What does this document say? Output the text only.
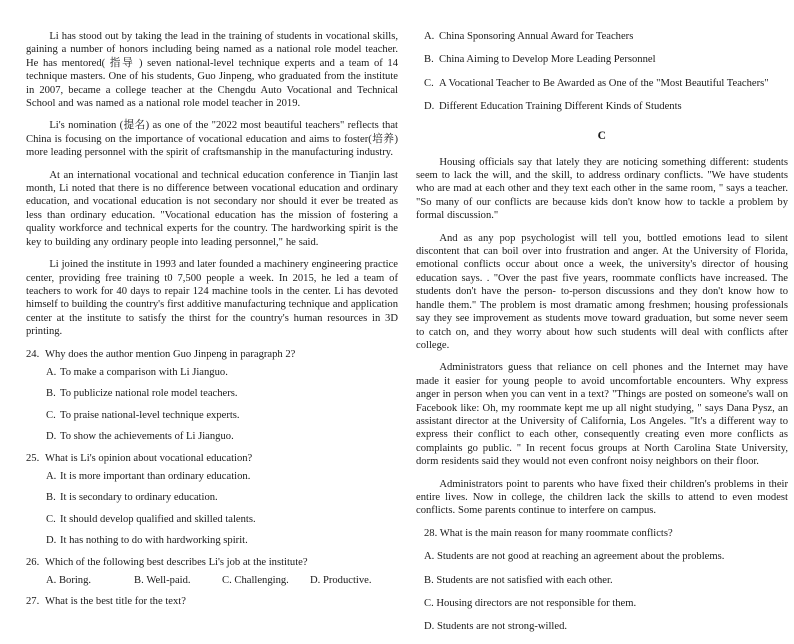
Li has stood out by taking the lead in the training of students in vocational skills, gaining a number of honors including being named as a national role model teacher. He has mentored( 指导 ) seven national-level technique experts and a team of 14 technique masters. One of his students, Guo Jinpeng, who graduated from the institute in 2007, became a college teacher at the Chengdu Auto Vocational and Technical School and was named as a national role model teacher in 2019.

Li's nomination (提名) as one of the "2022 most beautiful teachers" reflects that China is focusing on the importance of vocational education and aims to foster(培养) more leading personnel with the spirit of craftsmanship in the manufacturing industry.

At an international vocational and technical education conference in Tianjin last month, Li noted that there is no difference between vocational education and ordinary education, and vocational education is not secondary nor should it ever be treated as less than ordinary education. "Vocational education has the mission of fostering a quality workforce and technical experts for the country. The hardworking spirit is the key to building any ordinary people into leading personnel," he said.

Li joined the institute in 1993 and later founded a machinery engineering practice center, providing free training t0 7,500 people a week. In 2015, he led a team of teachers to work for 40 days to repair 124 machine tools in the center. Li has devoted himself to building the country's first additive manufacturing technique and application center at the institute to satisfy the thirst for the country's human resources in 3D printing.

24. Why does the author mention Guo Jinpeng in paragraph 2?
A. To make a comparison with Li Jianguo.
B. To publicize national role model teachers.
C. To praise national-level technique experts.
D. To show the achievements of Li Jianguo.
25. What is Li's opinion about vocational education?
A. It is more important than ordinary education.
B. It is secondary to ordinary education.
C. It should develop qualified and skilled talents.
D. It has nothing to do with hardworking spirit.
26. Which of the following best describes Li's job at the institute?
A. Boring.	B. Well-paid.	C. Challenging.	D. Productive.
27. What is the best title for the text?
A. China Sponsoring Annual Award for Teachers
B. China Aiming to Develop More Leading Personnel
C. A Vocational Teacher to Be Awarded as One of the "Most Beautiful Teachers"
D. Different Education Training Different Kinds of Students
C

Housing officials say that lately they are noticing something different: students seem to lack the will, and the skill, to address ordinary conflicts. "We have students who are mad at each other and they text each other in the same room, " says a teacher. "So many of our conflicts are because kids don't know how to tackle a problem by formal discussion."

And as any pop psychologist will tell you, bottled emotions lead to silent discontent that can boil over into frustration and anger. At the University of Florida, emotional conflicts occur about once a week, the university's director of housing education says. . "Over the past five years, roommate conflicts have increased. The students don't have the person- to-person discussions and they don't know how to handle them." The problem is most dramatic among freshmen; housing professionals say they see improvement as students move toward graduation, but some never seem to catch on, and they worry about how such students will deal with conflicts after college.

Administrators guess that reliance on cell phones and the Internet may have made it easier for young people to avoid uncomfortable encounters. Why express anger in person when you can vent in a text? "Things are posted on someone's wall on Facebook like: Oh, my roommate kept me up all night studying, " says Dana Pysz, an assistant director at the University of California, Los Angeles. "It's a different way to express their conflict to each other, consequently creating even more conflicts as complaints go public. " In recent focus groups at North Carolina State University, dorm residents said they would not even confront noisy neighbors on their floor.

Administrators point to parents who have fixed their children's problems in their entire lives. Now in college, the children lack the skills to attend to even modest conflicts. Some parents continue to interfere on campus.

28. What is the main reason for many roommate conflicts?
A. Students are not good at reaching an agreement about the problems.
B. Students are not satisfied with each other.
C. Housing directors are not responsible for them.
D. Students are not strong-willed.
